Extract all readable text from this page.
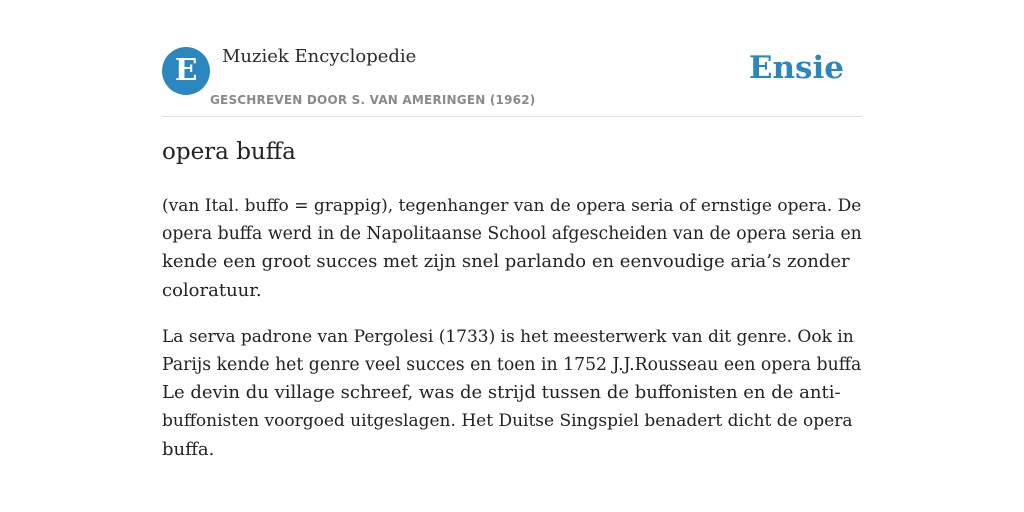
E	Muziek Encyclopedie
GESCHREVEN DOOR S. VAN AMERINGEN (1962)
Ensie
opera buffa

(van Ital. buffo = grappig), tegenhanger van de opera seria of ernstige opera. De
opera buffa werd in de Napolitaanse School afgescheiden van de opera seria en
kende een groot succes met zijn snel parlando en eenvoudige aria’s zonder
coloratuur.

La serva padrone van Pergolesi (1733) is het meesterwerk van dit genre. Ook in
Parijs kende het genre veel succes en toen in 1752 J.J.Rousseau een opera buffa
Le devin du village schreef, was de strijd tussen de buffonisten en de anti-
buffonisten voorgoed uitgeslagen. Het Duitse Singspiel benadert dicht de opera
buffa.
